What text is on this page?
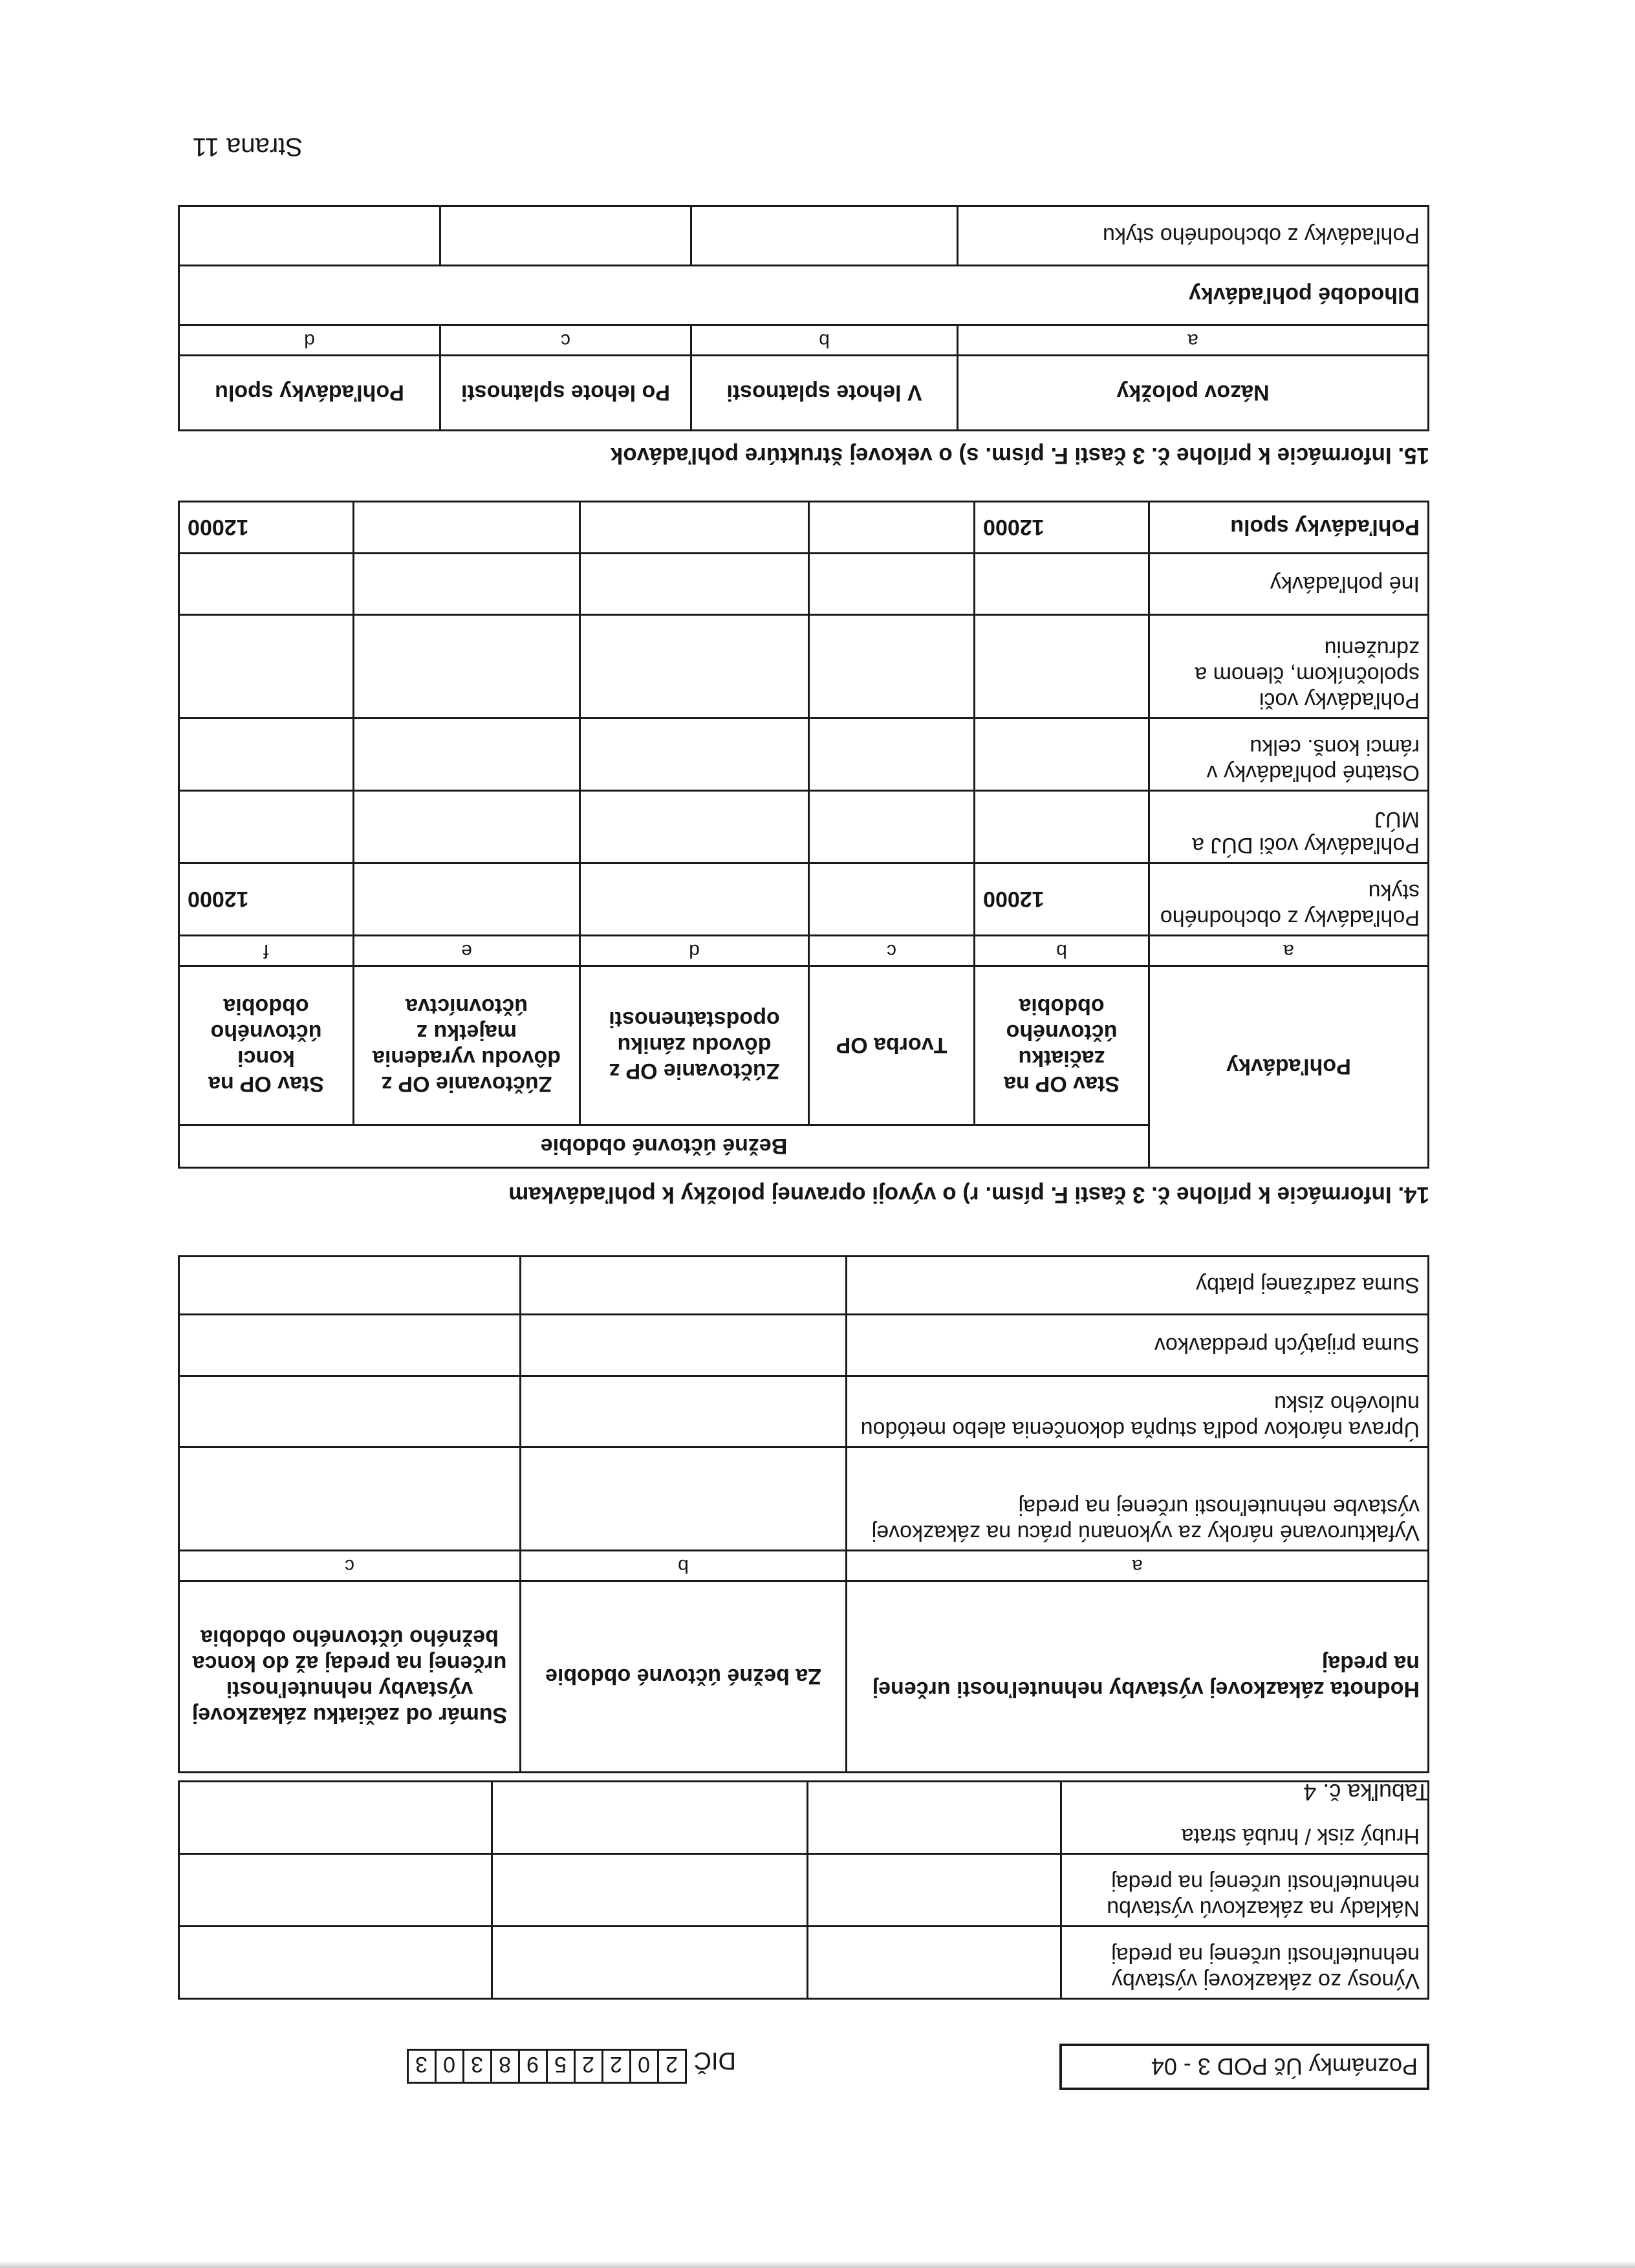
Poznámky Úč POD 3 - 04
DIČ2022598303
Výnosy zo zákazkovej výstavby nehnuteľnosti určenej na predaj			
Náklady na zákazkovú výstavbu nehnuteľnosti určenej na predaj			
Hrubý zisk / hrubá strata			
Tabuľka č. 4
Hodnota zákazkovej výstavby nehnuteľnosti určenej na predaj	Za bežné účtovné obdobie	Sumár od začiatku zákazkovej výstavby nehnuteľnosti určenej na predaj až do konca bežného účtovného obdobia
a	b	c
Vyfakturované nároky za vykonanú prácu na zákazkovej výstavbe nehnuteľnosti určenej na predaj		
Úprava nárokov podľa stupňa dokončenia alebo metódou nulového zisku		
Suma prijatých preddavkov		
Suma zadržanej platby		
14. Informácie k prílohe č. 3 časti F. písm. r) o vývoji opravnej položky k pohľadávkam
Pohľadávky	Bežné účtovné obdobie				
	Stav OP na začiatku účtovného obdobia	Tvorba OP	Zúčtovanie OP z dôvodu zániku opodstatnenosti	Zúčtovanie OP z dôvodu vyradenia majetku z účtovníctva	Stav OP na konci účtovného obdobia
a	b	c	d	e	f
Pohľadávky z obchodného styku	12000				12000
Pohľadávky voči DÚJ a MÚJ					
Ostatné pohľadávky v rámci konš. celku					
Pohľadávky voči spoločníkom, členom a združeniu					
Iné pohľadávky					
Pohľadávky spolu	12000				12000
15. Informácie k prílohe č. 3 časti F. písm. s) o vekovej štruktúre pohľadávok
Názov položky	V lehote splatnosti	Po lehote splatnosti	Pohľadávky spolu
a	b	c	d
Dlhodobé pohľadávky			
Pohľadávky z obchodného styku			
Strana 11
